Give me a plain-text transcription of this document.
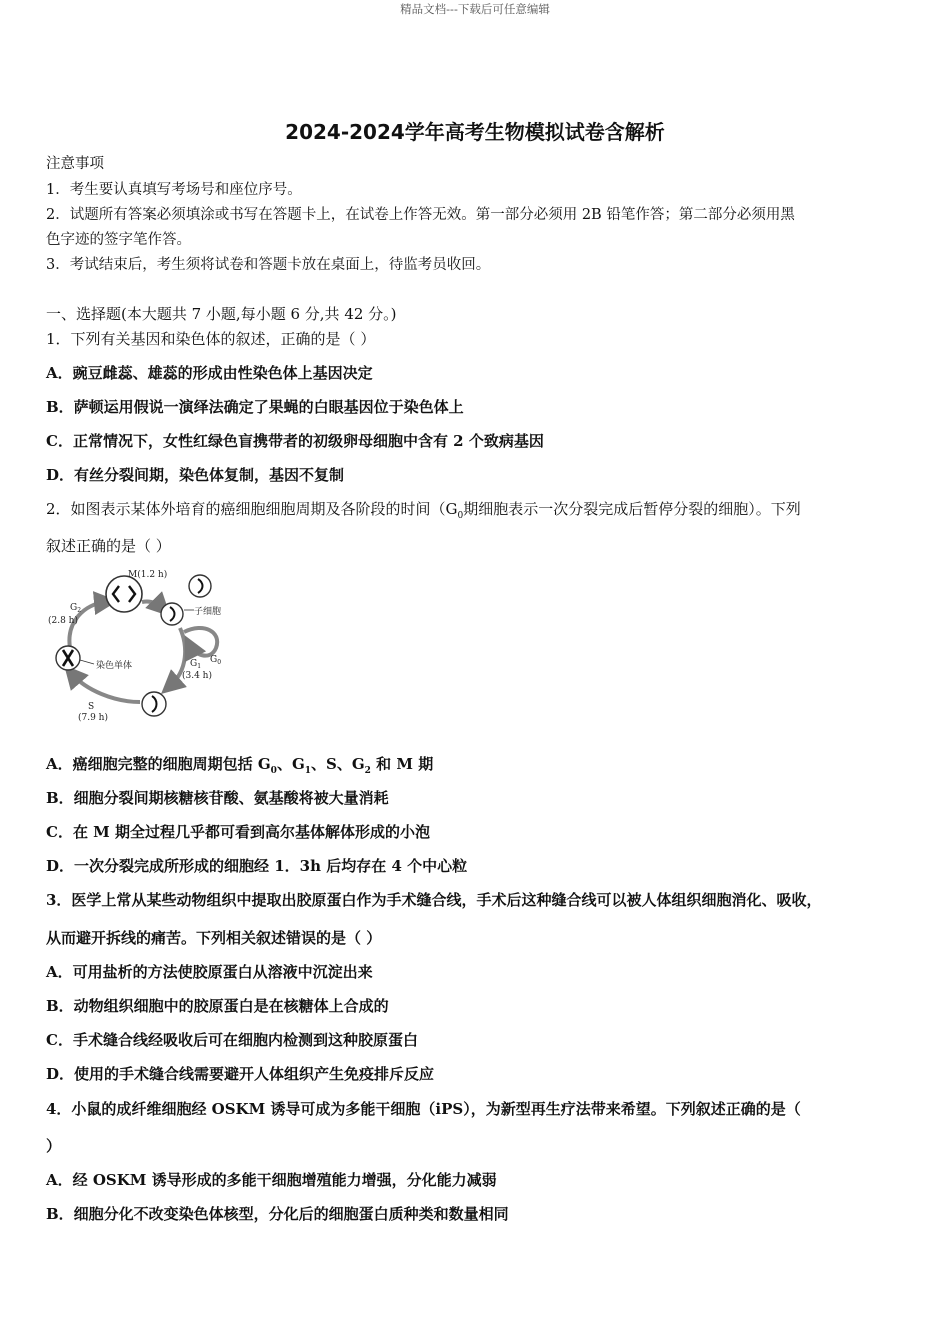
精品文档---下载后可任意编辑
2024-2024学年高考生物模拟试卷含解析
注意事项
1．考生要认真填写考场号和座位序号。
2．试题所有答案必须填涂或书写在答题卡上，在试卷上作答无效。第一部分必须用 2B 铅笔作答；第二部分必须用黑
色字迹的签字笔作答。
3．考试结束后，考生须将试卷和答题卡放在桌面上，待监考员收回。
一、选择题(本大题共 7 小题,每小题 6 分,共 42 分。)
1．下列有关基因和染色体的叙述，正确的是（ ）
A．豌豆雌蕊、雄蕊的形成由性染色体上基因决定
B．萨顿运用假说一演绎法确定了果蝇的白眼基因位于染色体上
C．正常情况下，女性红绿色盲携带者的初级卵母细胞中含有 2 个致病基因
D．有丝分裂间期，染色体复制，基因不复制
2．如图表示某体外培育的癌细胞细胞周期及各阶段的时间（$G_0$期细胞表示一次分裂完成后暂停分裂的细胞）。下列
叙述正确的是（ ）
M(1.2 h)
$G_2$
(2.8 h)
子细胞
$G_1$
(3.4 h)
$G_0$
染色单体
S
(7.9 h)
A．癌细胞完整的细胞周期包括 $G_0$、$G_1$、S、$G_2$ 和 M 期
B．细胞分裂间期核糖核苷酸、氨基酸将被大量消耗
C．在 M 期全过程几乎都可看到高尔基体解体形成的小泡
D．一次分裂完成所形成的细胞经 1．3h 后均存在 4 个中心粒
3．医学上常从某些动物组织中提取出胶原蛋白作为手术缝合线，手术后这种缝合线可以被人体组织细胞消化、吸收，
从而避开拆线的痛苦。下列相关叙述错误的是（ ）
A．可用盐析的方法使胶原蛋白从溶液中沉淀出来
B．动物组织细胞中的胶原蛋白是在核糖体上合成的
C．手术缝合线经吸收后可在细胞内检测到这种胶原蛋白
D．使用的手术缝合线需要避开人体组织产生免疫排斥反应
4．小鼠的成纤维细胞经 OSKM 诱导可成为多能干细胞（iPS），为新型再生疗法带来希望。下列叙述正确的是（
）
A．经 OSKM 诱导形成的多能干细胞增殖能力增强，分化能力减弱
B．细胞分化不改变染色体核型，分化后的细胞蛋白质种类和数量相同
